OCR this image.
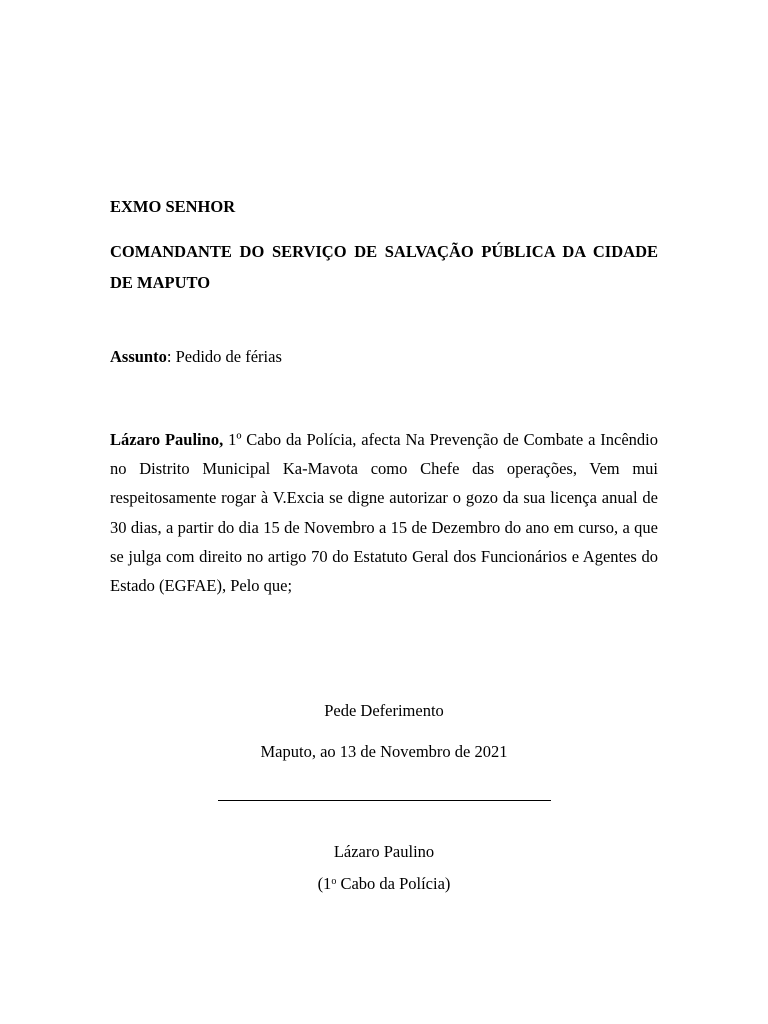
EXMO SENHOR

COMANDANTE DO SERVIÇO DE SALVAÇÃO PÚBLICA DA CIDADE DE MAPUTO

Assunto: Pedido de férias

Lázaro Paulino, 1º Cabo da Polícia, afecta Na Prevenção de Combate a Incêndio no Distrito Municipal Ka-Mavota como Chefe das operações, Vem mui respeitosamente rogar à V.Excia se digne autorizar o gozo da sua licença anual de 30 dias, a partir do dia 15 de Novembro a 15 de Dezembro do ano em curso, a que se julga com direito no artigo 70 do Estatuto Geral dos Funcionários e Agentes do Estado (EGFAE), Pelo que;

Pede Deferimento

Maputo, ao 13 de Novembro de 2021

Lázaro Paulino

(1$^o$ Cabo da Polícia)
